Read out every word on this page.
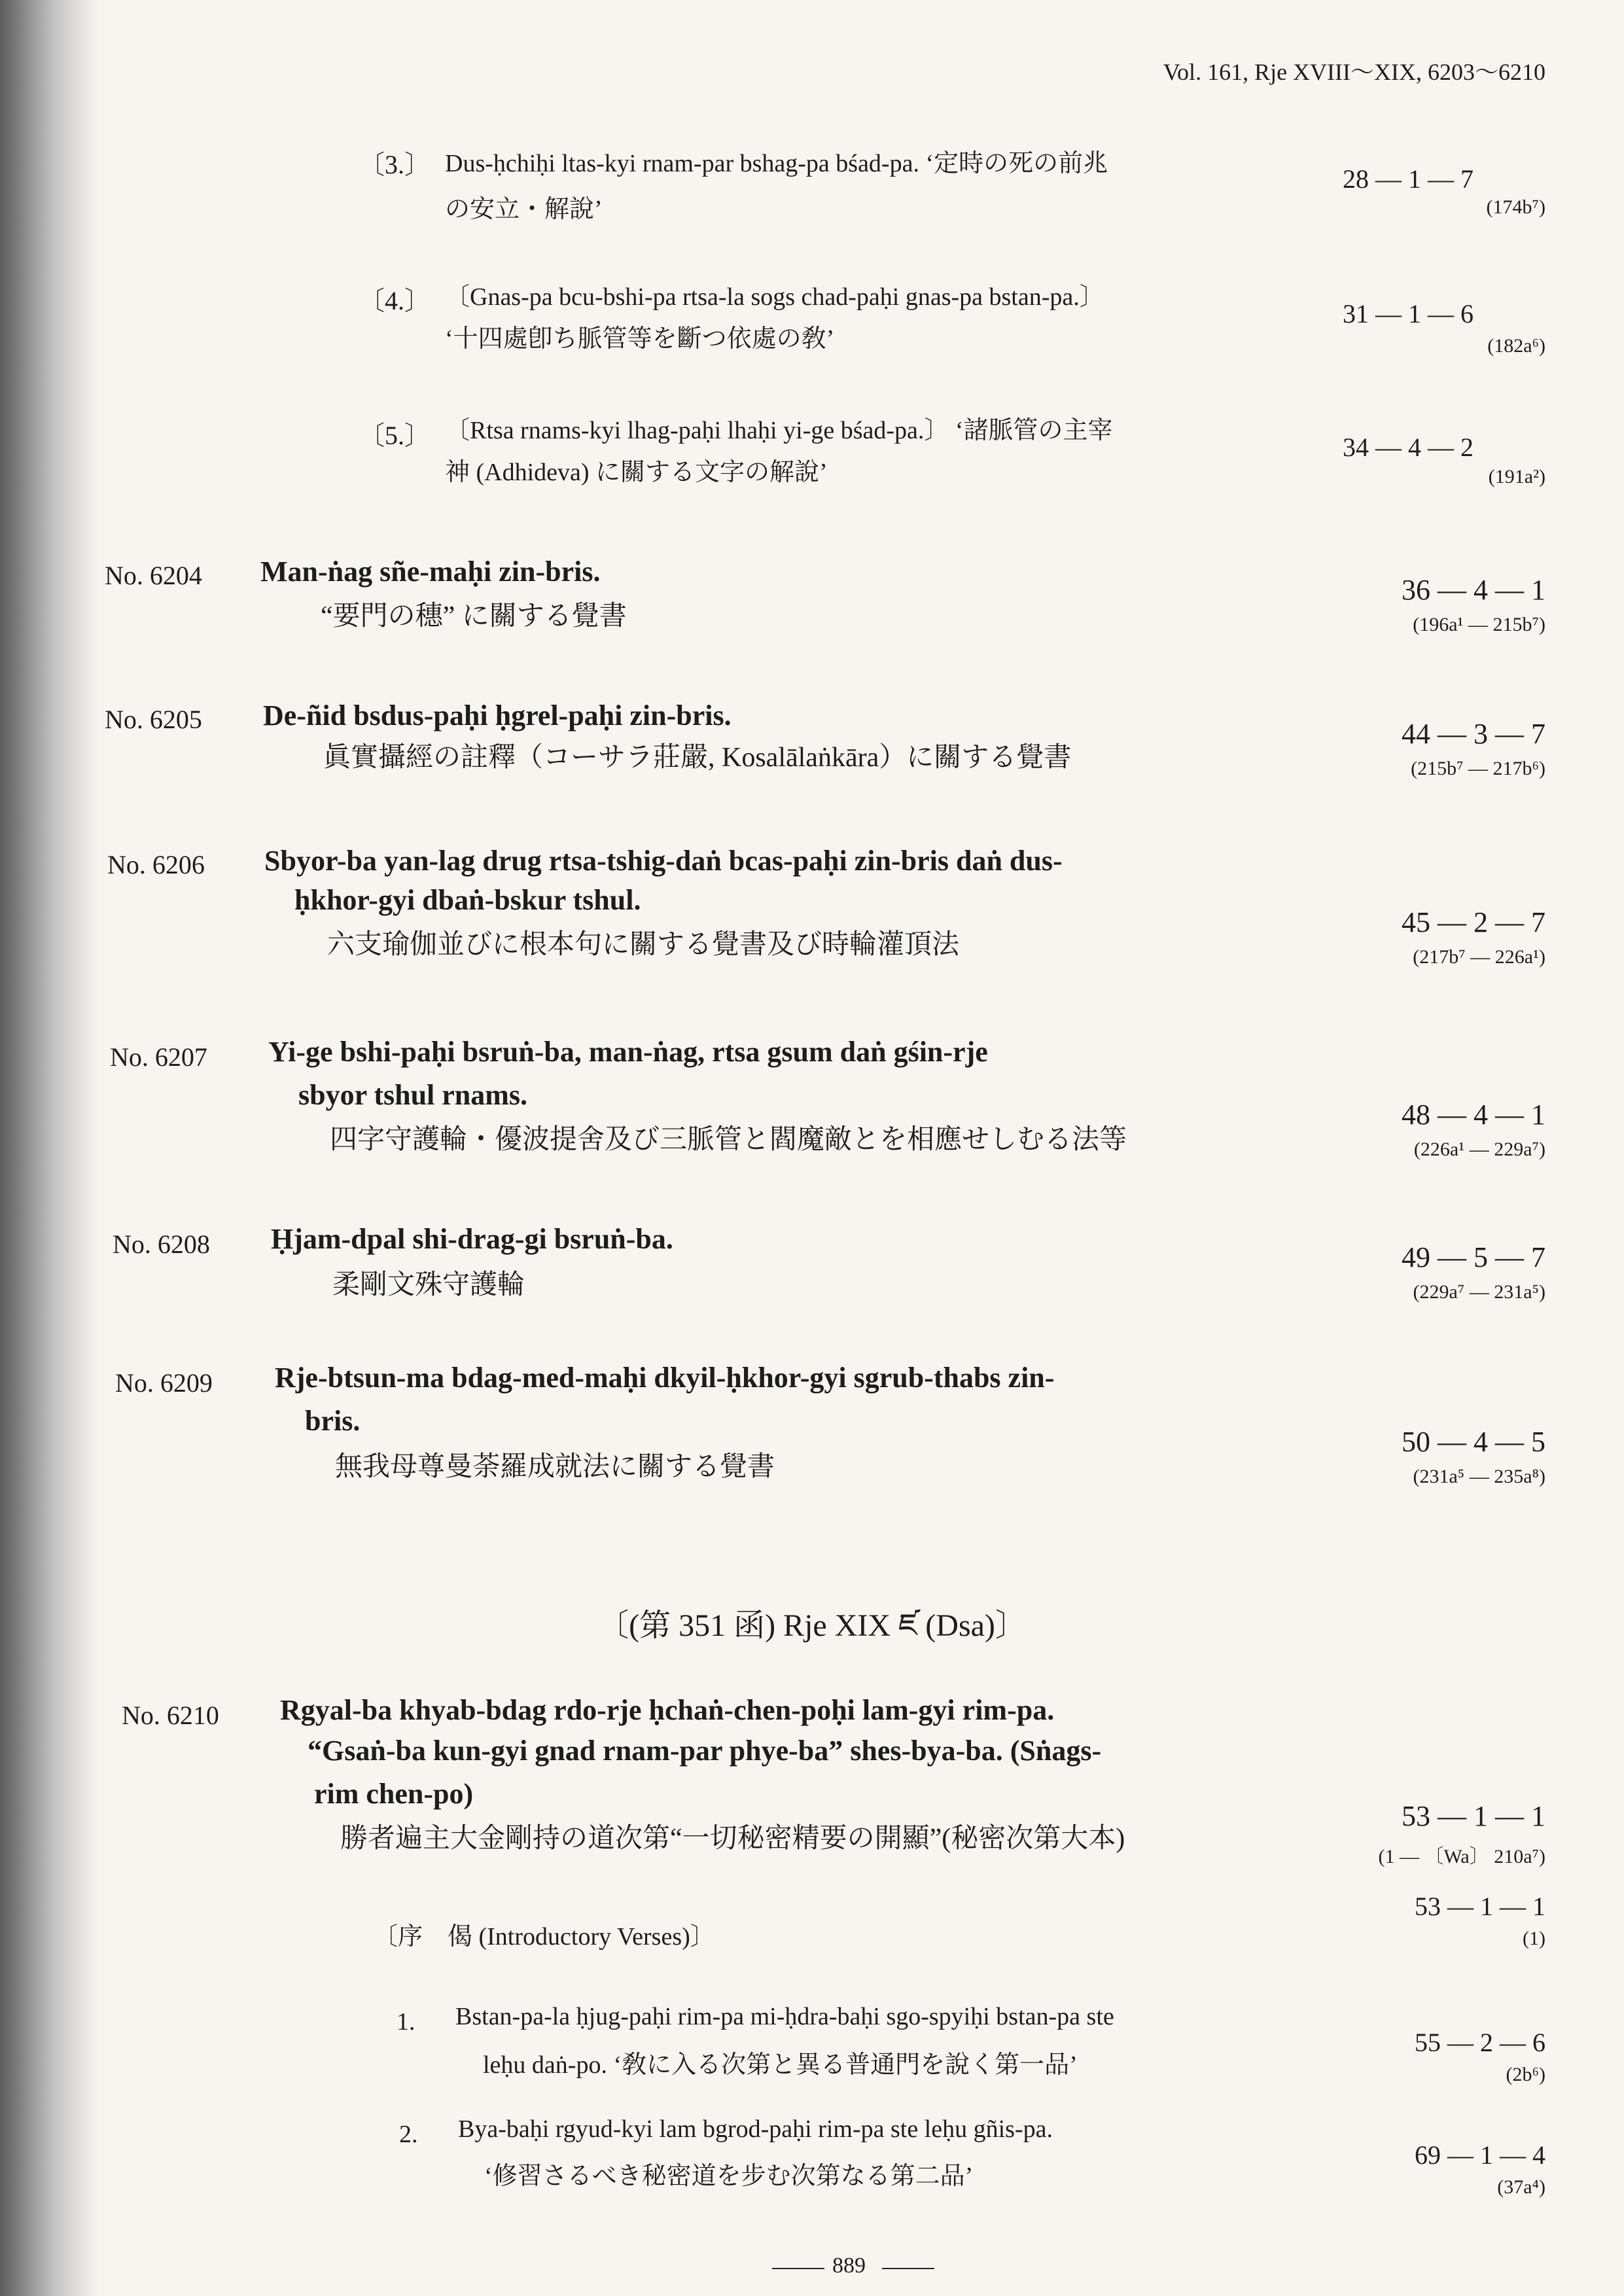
Vol. 161, Rje XVIII～XIX, 6203～6210
〔3.〕 Dus-ḥchiḥi ltas-kyi rnam-par bshag-pa bśad-pa. ‘定時の死の前兆
の安立・解說’
28 — 1 — 7
(174b⁷)
〔4.〕 〔Gnas-pa bcu-bshi-pa rtsa-la sogs chad-paḥi gnas-pa bstan-pa.〕
‘十四處卽ち脈管等を斷つ依處の敎’
31 — 1 — 6
(182a⁶)
〔5.〕 〔Rtsa rnams-kyi lhag-paḥi lhaḥi yi-ge bśad-pa.〕 ‘諸脈管の主宰
神 (Adhideva) に關する文字の解說’
34 — 4 — 2
(191a²)
No. 6204 Man-ṅag sñe-maḥi zin-bris.
“要門の穗” に關する覺書
36 — 4 — 1
(196a¹ — 215b⁷)
No. 6205 De-ñid bsdus-paḥi ḥgrel-paḥi zin-bris.
眞實攝經の註釋（コーサラ莊嚴, Kosalālaṅkāra）に關する覺書
44 — 3 — 7
(215b⁷ — 217b⁶)
No. 6206 Sbyor-ba yan-lag drug rtsa-tshig-daṅ bcas-paḥi zin-bris daṅ dus-
ḥkhor-gyi dbaṅ-bskur tshul.
六支瑜伽並びに根本句に關する覺書及び時輪灌頂法
45 — 2 — 7
(217b⁷ — 226a¹)
No. 6207 Yi-ge bshi-paḥi bsruṅ-ba, man-ṅag, rtsa gsum daṅ gśin-rje
sbyor tshul rnams.
四字守護輪・優波提舍及び三脈管と閻魔敵とを相應せしむる法等
48 — 4 — 1
(226a¹ — 229a⁷)
No. 6208 Ḥjam-dpal shi-drag-gi bsruṅ-ba.
柔剛文殊守護輪
49 — 5 — 7
(229a⁷ — 231a⁵)
No. 6209 Rje-btsun-ma bdag-med-maḥi dkyil-ḥkhor-gyi sgrub-thabs zin-
bris.
無我母尊曼荼羅成就法に關する覺書
50 — 4 — 5
(231a⁵ — 235a⁸)
〔(第 351 函) Rje XIX ཛ (Dsa)〕
No. 6210 Rgyal-ba khyab-bdag rdo-rje ḥchaṅ-chen-poḥi lam-gyi rim-pa.
“Gsaṅ-ba kun-gyi gnad rnam-par phye-ba” shes-bya-ba. (Sṅags-
rim chen-po)
勝者遍主大金剛持の道次第“一切秘密精要の開顯”(秘密次第大本)
53 — 1 — 1
(1 — 〔Wa〕 210a⁷)
〔序　偈 (Introductory Verses)〕
53 — 1 — 1
(1)
1. Bstan-pa-la ḥjug-paḥi rim-pa mi-ḥdra-baḥi sgo-spyiḥi bstan-pa ste
leḥu daṅ-po. ‘敎に入る次第と異る普通門を說く第一品’
55 — 2 — 6
(2b⁶)
2. Bya-baḥi rgyud-kyi lam bgrod-paḥi rim-pa ste leḥu gñis-pa.
‘修習さるべき秘密道を步む次第なる第二品’
69 — 1 — 4
(37a⁴)
889
